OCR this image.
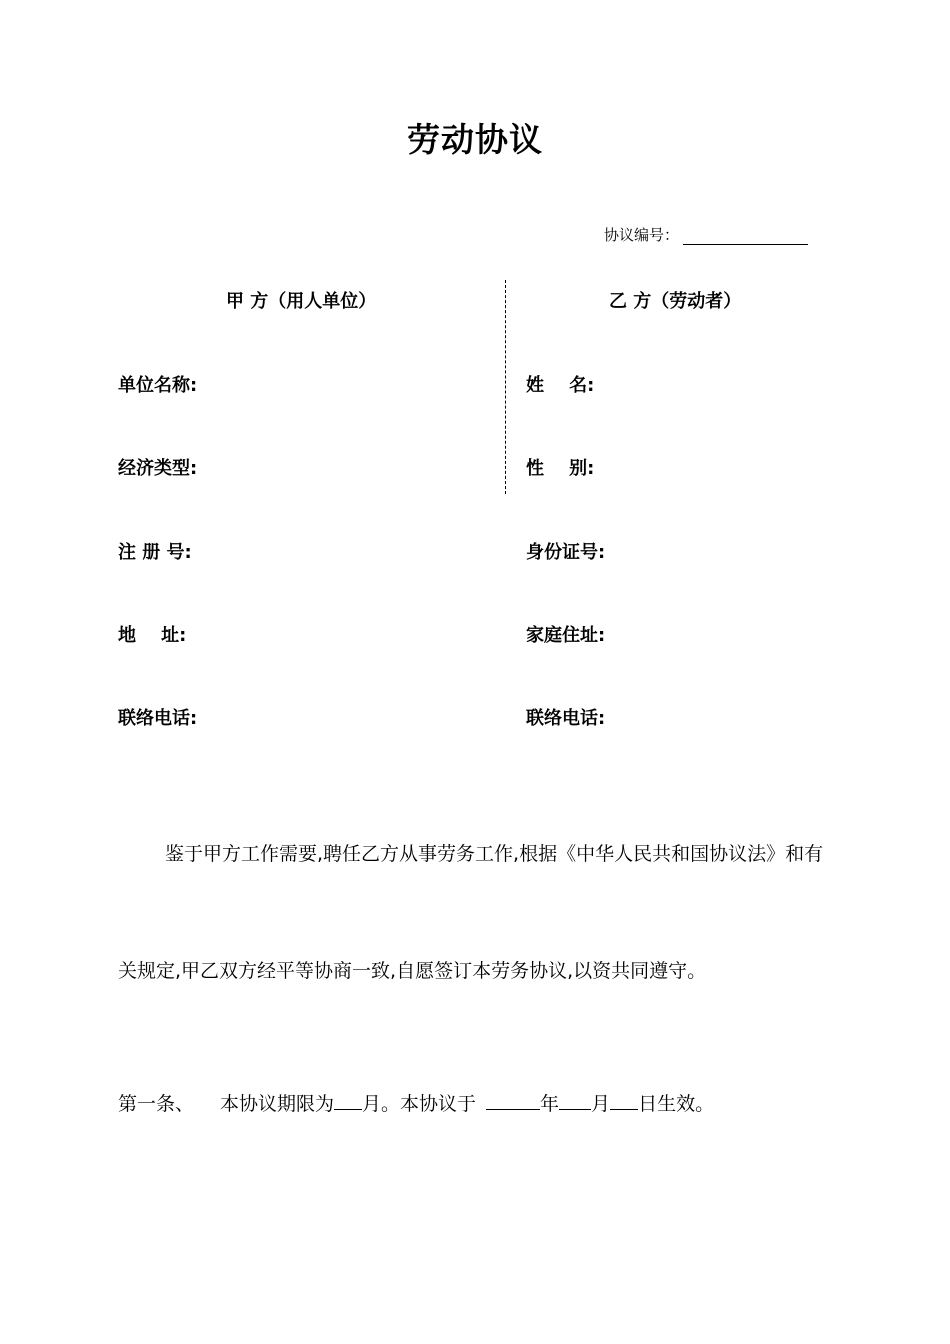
劳动协议
协议编号：
甲 方（用人单位）	乙 方（劳动者）
单位名称:
经济类型:
注 册 号:
地    址:
联络电话:
姓    名:
性    别:
身份证号:
家庭住址:
联络电话:
鉴于甲方工作需要,聘任乙方从事劳务工作,根据《中华人民共和国协议法》和有
关规定,甲乙双方经平等协商一致,自愿签订本劳务协议,以资共同遵守。
第一条、 本协议期限为 月。本协议于	年 月 日生效。
